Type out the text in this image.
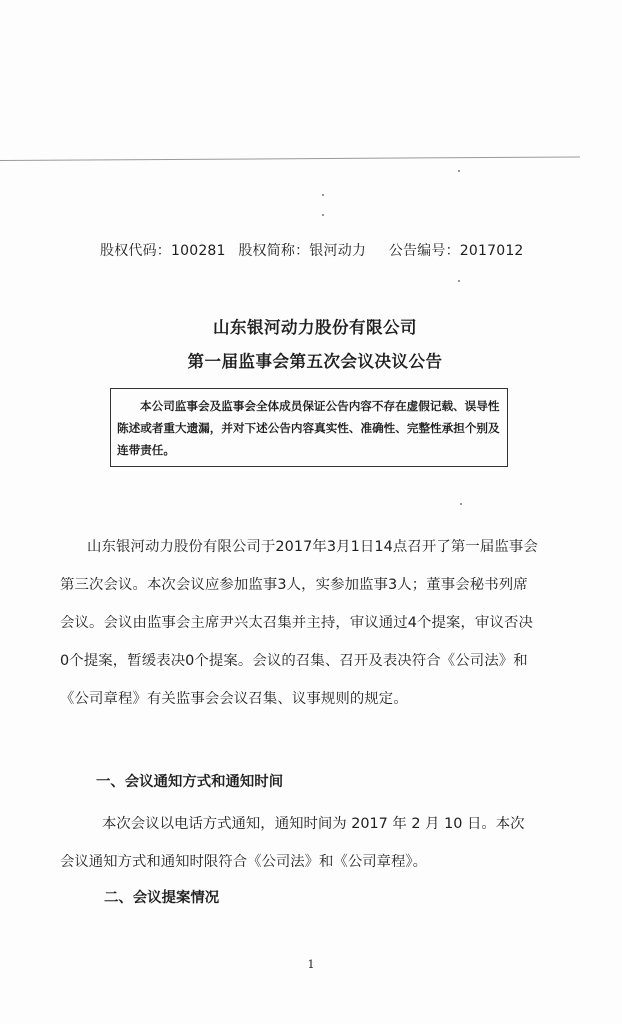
股权代码：100281 股权简称：银河动力 公告编号：2017012
山东银河动力股份有限公司
第一届监事会第五次会议决议公告
本公司监事会及监事会全体成员保证公告内容不存在虚假记载、误导性陈述或者重大遗漏，并对下述公告内容真实性、准确性、完整性承担个别及连带责任。
山东银河动力股份有限公司于2017年3月1日14点召开了第一届监事会第三次会议。本次会议应参加监事3人，实参加监事3人；董事会秘书列席会议。会议由监事会主席尹兴太召集并主持，审议通过4个提案，审议否决0个提案，暂缓表决0个提案。会议的召集、召开及表决符合《公司法》和《公司章程》有关监事会会议召集、议事规则的规定。
一、会议通知方式和通知时间
本次会议以电话方式通知，通知时间为 2017 年 2 月 10 日。本次会议通知方式和通知时限符合《公司法》和《公司章程》。
二、会议提案情况
1
